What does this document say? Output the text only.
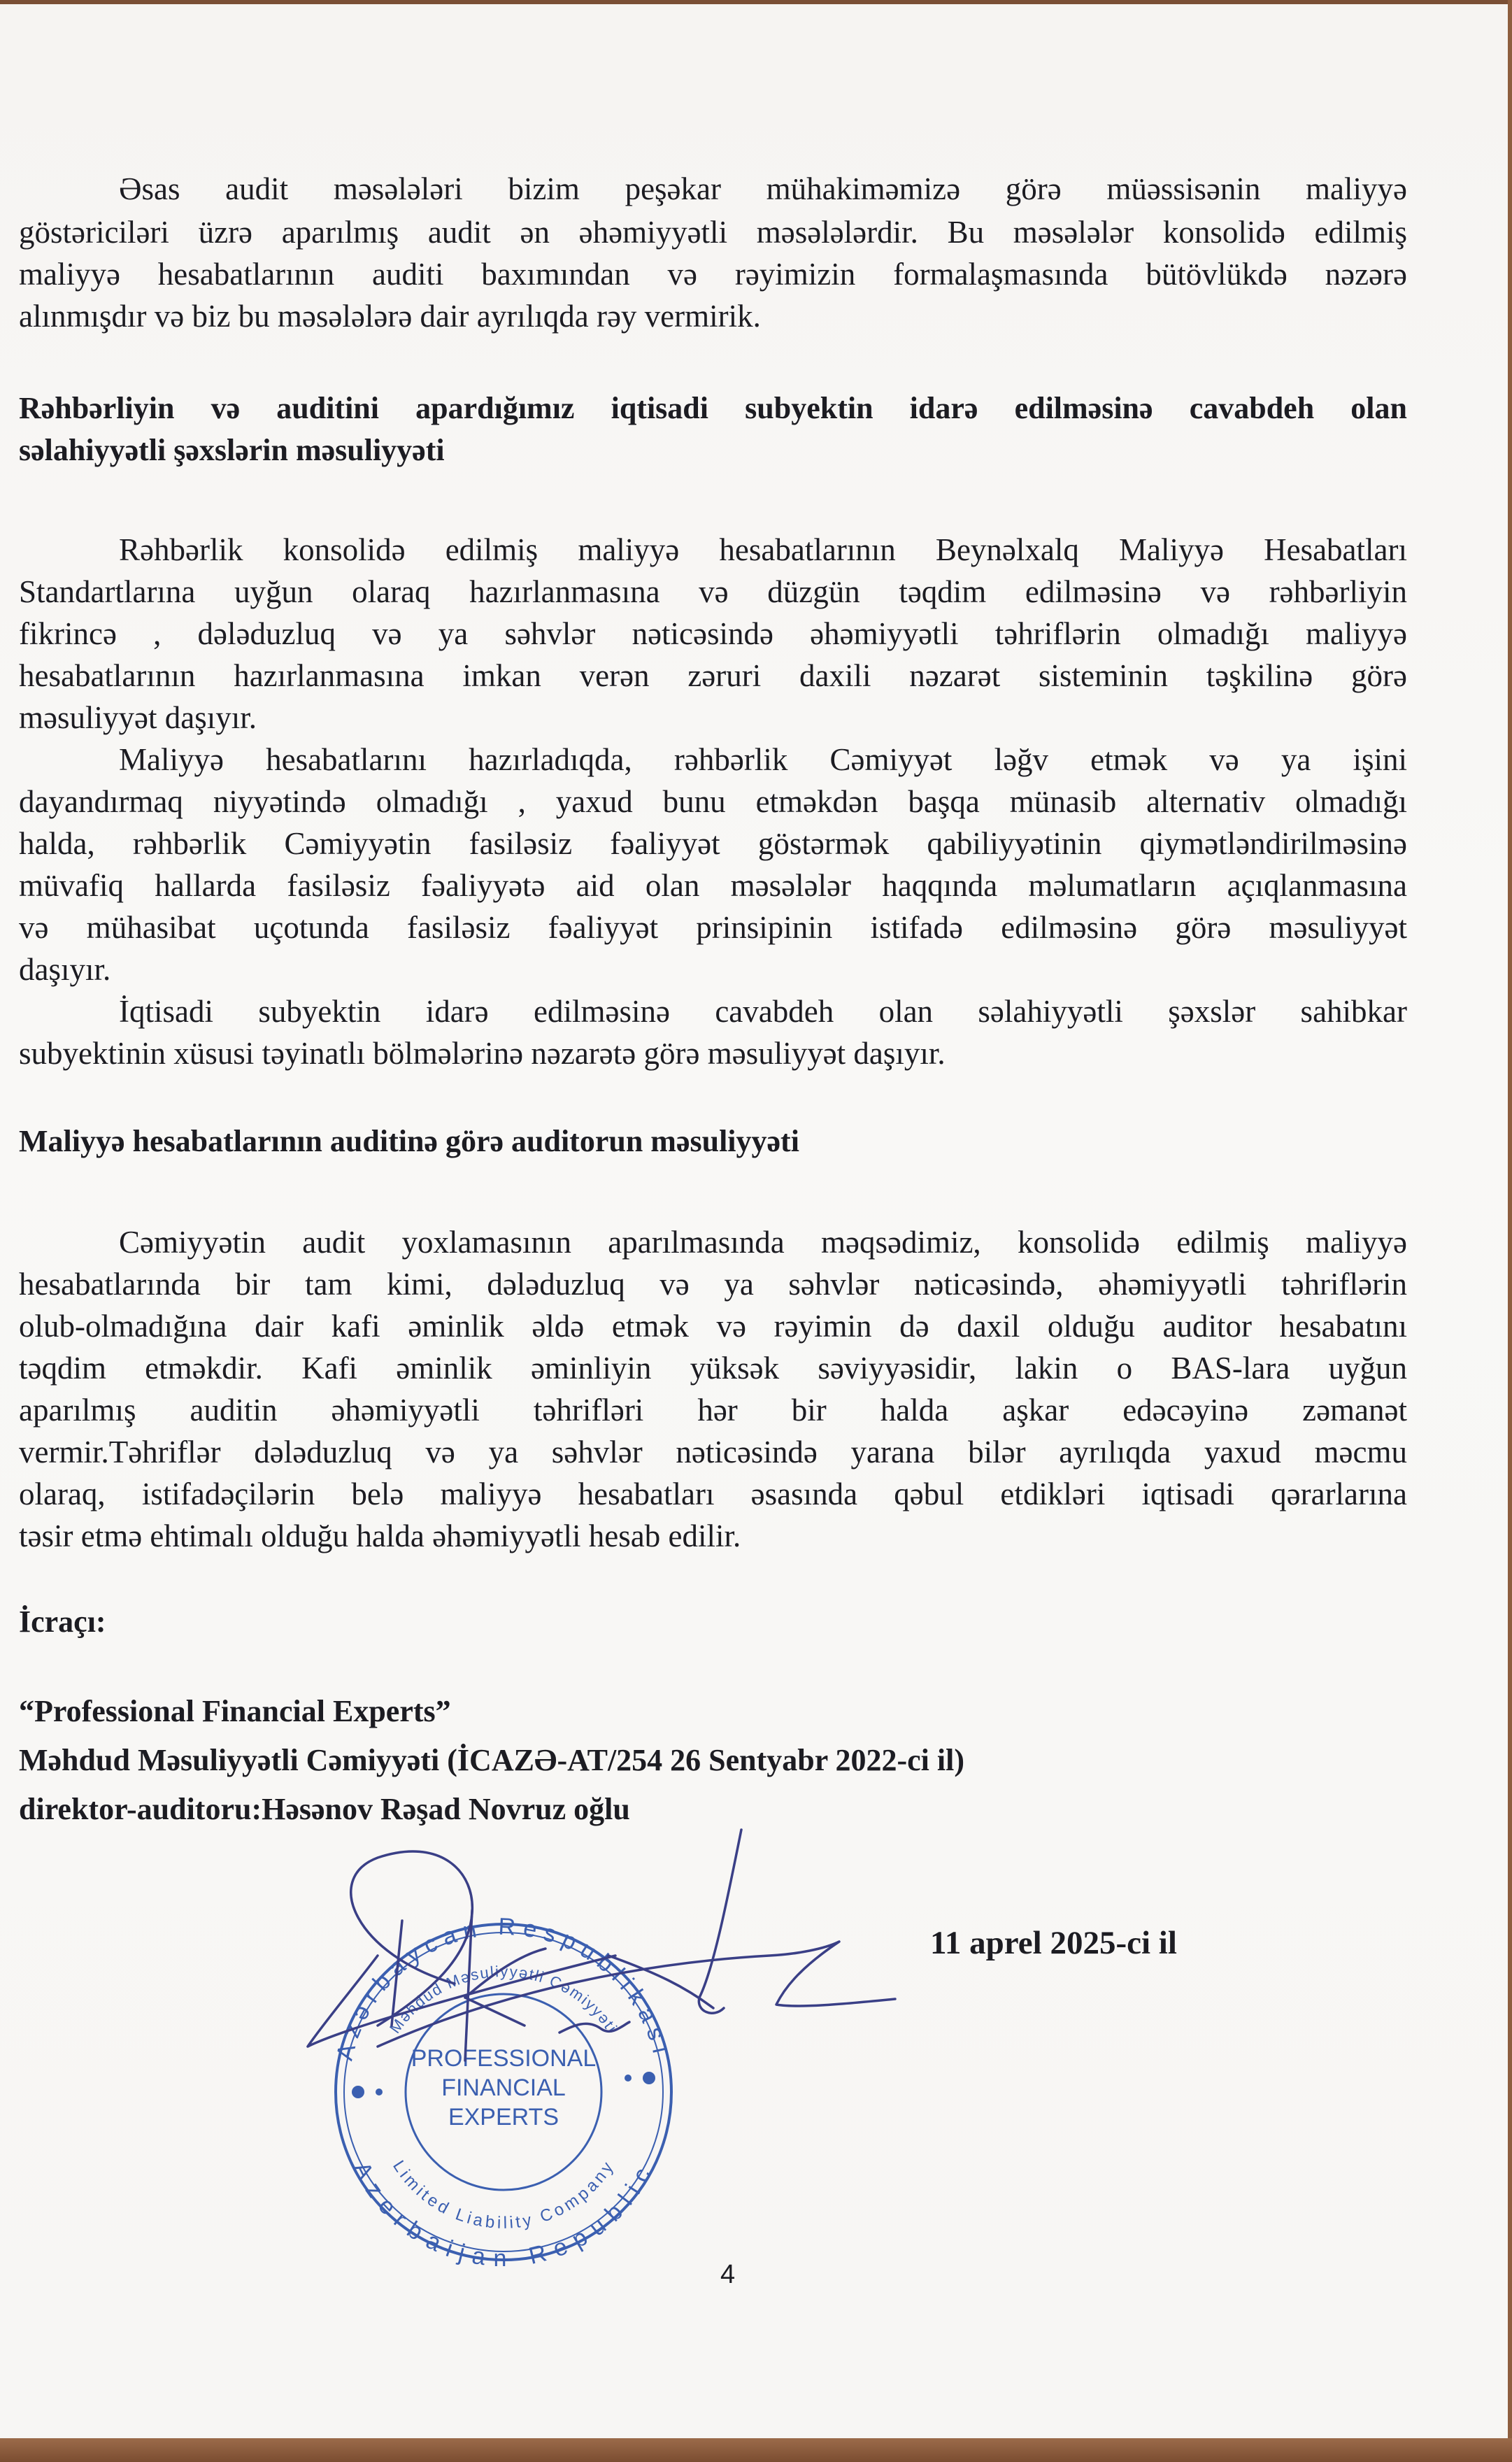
Əsas audit məsələləri bizim peşəkar mühakiməmizə görə müəssisənin maliyyə
göstəriciləri üzrə aparılmış audit ən əhəmiyyətli məsələlərdir. Bu məsələlər konsolidə edilmiş
maliyyə hesabatlarının auditi baxımından və rəyimizin formalaşmasında bütövlükdə nəzərə
alınmışdır və biz bu məsələlərə dair ayrılıqda rəy vermirik.
Rəhbərliyin və auditini apardığımız iqtisadi subyektin idarə edilməsinə cavabdeh olan
səlahiyyətli şəxslərin məsuliyyəti
Rəhbərlik konsolidə edilmiş maliyyə hesabatlarının Beynəlxalq Maliyyə Hesabatları
Standartlarına uyğun olaraq hazırlanmasına və düzgün təqdim edilməsinə və rəhbərliyin
fikrincə , dələduzluq və ya səhvlər nəticəsində əhəmiyyətli təhriflərin olmadığı maliyyə
hesabatlarının hazırlanmasına imkan verən zəruri daxili nəzarət sisteminin təşkilinə görə
məsuliyyət daşıyır.
Maliyyə hesabatlarını hazırladıqda, rəhbərlik Cəmiyyət ləğv etmək və ya işini
dayandırmaq niyyətində olmadığı , yaxud bunu etməkdən başqa münasib alternativ olmadığı
halda, rəhbərlik Cəmiyyətin fasiləsiz fəaliyyət göstərmək qabiliyyətinin qiymətləndirilməsinə
müvafiq hallarda fasiləsiz fəaliyyətə aid olan məsələlər haqqında məlumatların açıqlanmasına
və mühasibat uçotunda fasiləsiz fəaliyyət prinsipinin istifadə edilməsinə görə məsuliyyət
daşıyır.
İqtisadi subyektin idarə edilməsinə cavabdeh olan səlahiyyətli şəxslər sahibkar
subyektinin xüsusi təyinatlı bölmələrinə nəzarətə görə məsuliyyət daşıyır.
Maliyyə hesabatlarının auditinə görə auditorun məsuliyyəti
Cəmiyyətin audit yoxlamasının aparılmasında məqsədimiz, konsolidə edilmiş maliyyə
hesabatlarında bir tam kimi, dələduzluq və ya səhvlər nəticəsində, əhəmiyyətli təhriflərin
olub-olmadığına dair kafi əminlik əldə etmək və rəyimin də daxil olduğu auditor hesabatını
təqdim etməkdir. Kafi əminlik əminliyin yüksək səviyyəsidir, lakin o BAS-lara uyğun
aparılmış auditin əhəmiyyətli təhrifləri hər bir halda aşkar edəcəyinə zəmanət
vermir.Təhriflər dələduzluq və ya səhvlər nəticəsində yarana bilər ayrılıqda yaxud məcmu
olaraq, istifadəçilərin belə maliyyə hesabatları əsasında qəbul etdikləri iqtisadi qərarlarına
təsir etmə ehtimalı olduğu halda əhəmiyyətli hesab edilir.
İcraçı:
“Professional Financial Experts”
Məhdud Məsuliyyətli Cəmiyyəti (İCAZƏ-AT/254 26 Sentyabr 2022-ci il)
direktor-auditoru:Həsənov Rəşad Novruz oğlu
11 aprel 2025-ci il
Azərbaycan Respublikası
Azerbaijan Republic
Məhdud Məsuliyyətli Cəmiyyəti
Limited Liability Company
PROFESSIONAL
FINANCIAL
EXPERTS
4
